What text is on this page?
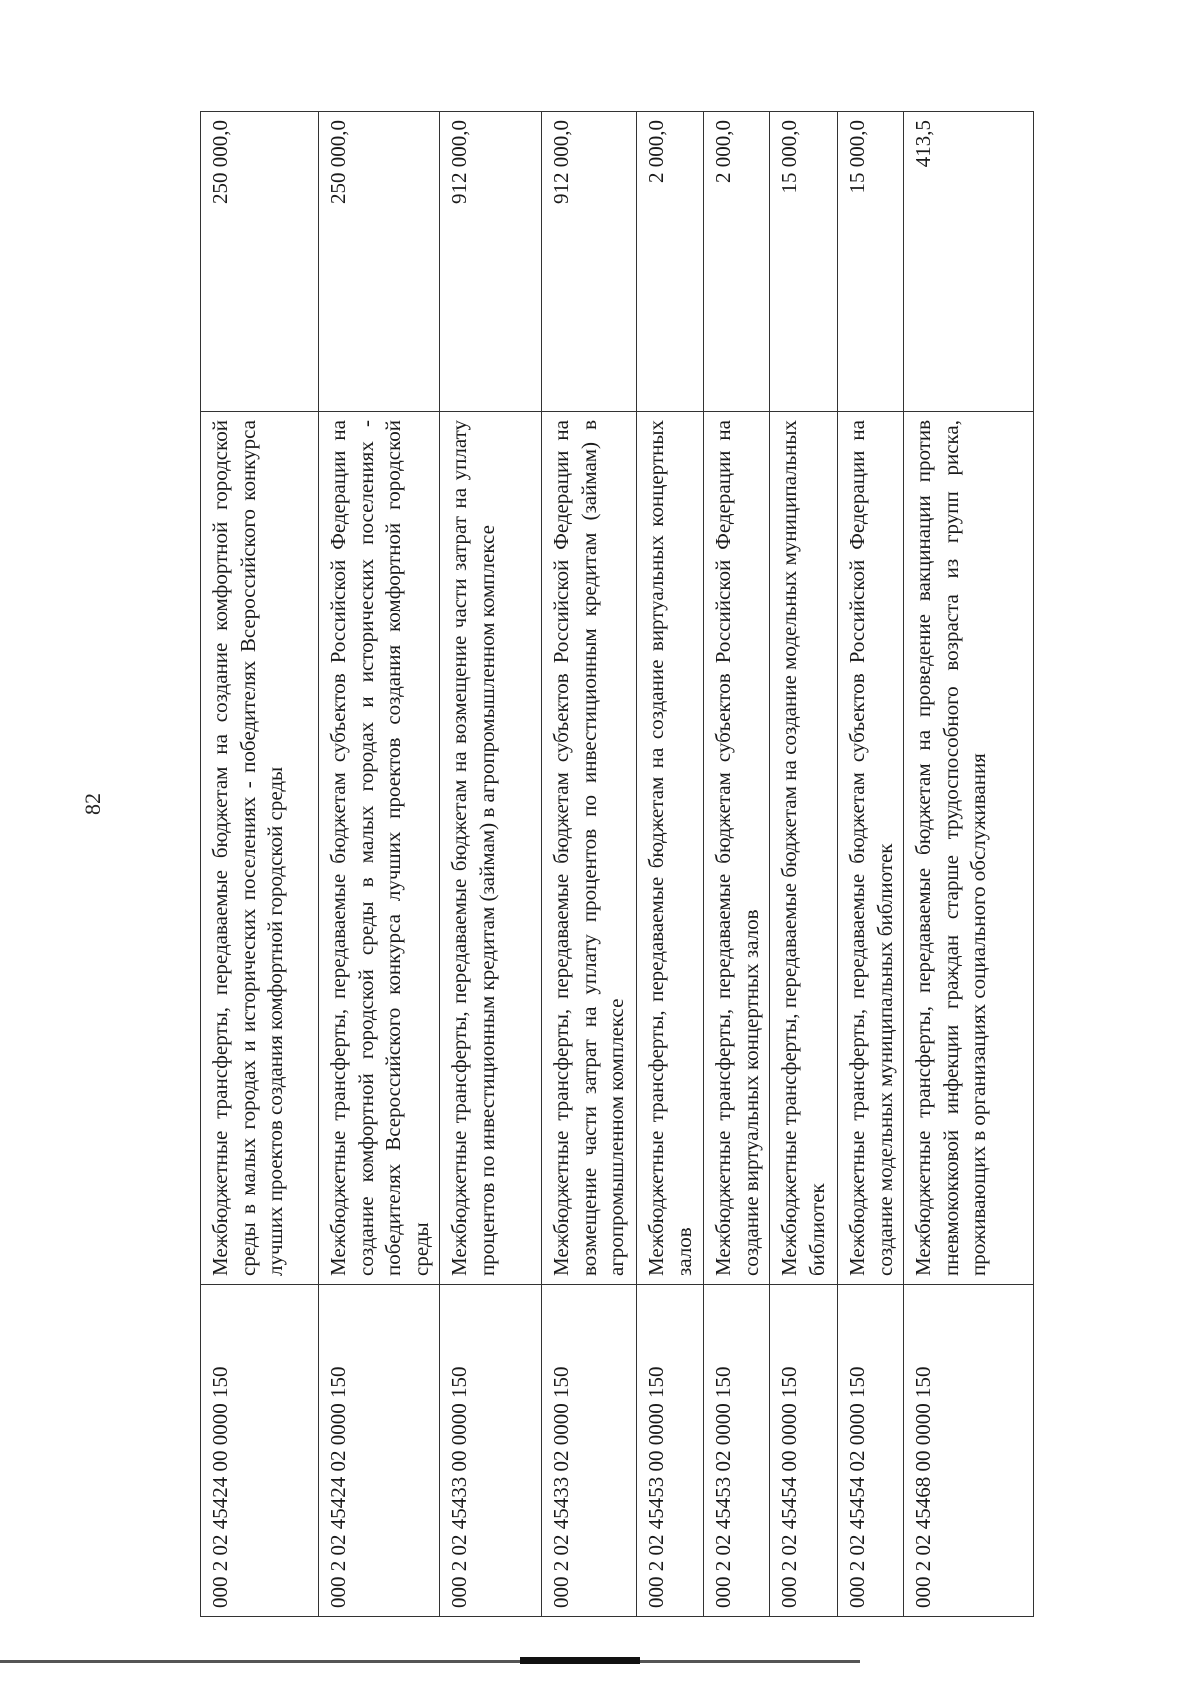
82
000 2 02 45424 00 0000 150	Межбюджетные трансферты, передаваемые бюджетам на создание комфортной городской среды в малых городах и исторических поселениях - победителях Всероссийского конкурса лучших проектов создания комфортной городской среды	250 000,0
000 2 02 45424 02 0000 150	Межбюджетные трансферты, передаваемые бюджетам субъектов Российской Федерации на создание комфортной городской среды в малых городах и исторических поселениях - победителях Всероссийского конкурса лучших проектов создания комфортной городской среды	250 000,0
000 2 02 45433 00 0000 150	Межбюджетные трансферты, передаваемые бюджетам на возмещение части затрат на уплату процентов по инвестиционным кредитам (займам) в агропромышленном комплексе	912 000,0
000 2 02 45433 02 0000 150	Межбюджетные трансферты, передаваемые бюджетам субъектов Российской Федерации на возмещение части затрат на уплату процентов по инвестиционным кредитам (займам) в агропромышленном комплексе	912 000,0
000 2 02 45453 00 0000 150	Межбюджетные трансферты, передаваемые бюджетам на создание виртуальных концертных залов	2 000,0
000 2 02 45453 02 0000 150	Межбюджетные трансферты, передаваемые бюджетам субъектов Российской Федерации на создание виртуальных концертных залов	2 000,0
000 2 02 45454 00 0000 150	Межбюджетные трансферты, передаваемые бюджетам на создание модельных муниципальных библиотек	15 000,0
000 2 02 45454 02 0000 150	Межбюджетные трансферты, передаваемые бюджетам субъектов Российской Федерации на создание модельных муниципальных библиотек	15 000,0
000 2 02 45468 00 0000 150	Межбюджетные трансферты, передаваемые бюджетам на проведение вакцинации против пневмококковой инфекции граждан старше трудоспособного возраста из групп риска, проживающих в организациях социального обслуживания	413,5
